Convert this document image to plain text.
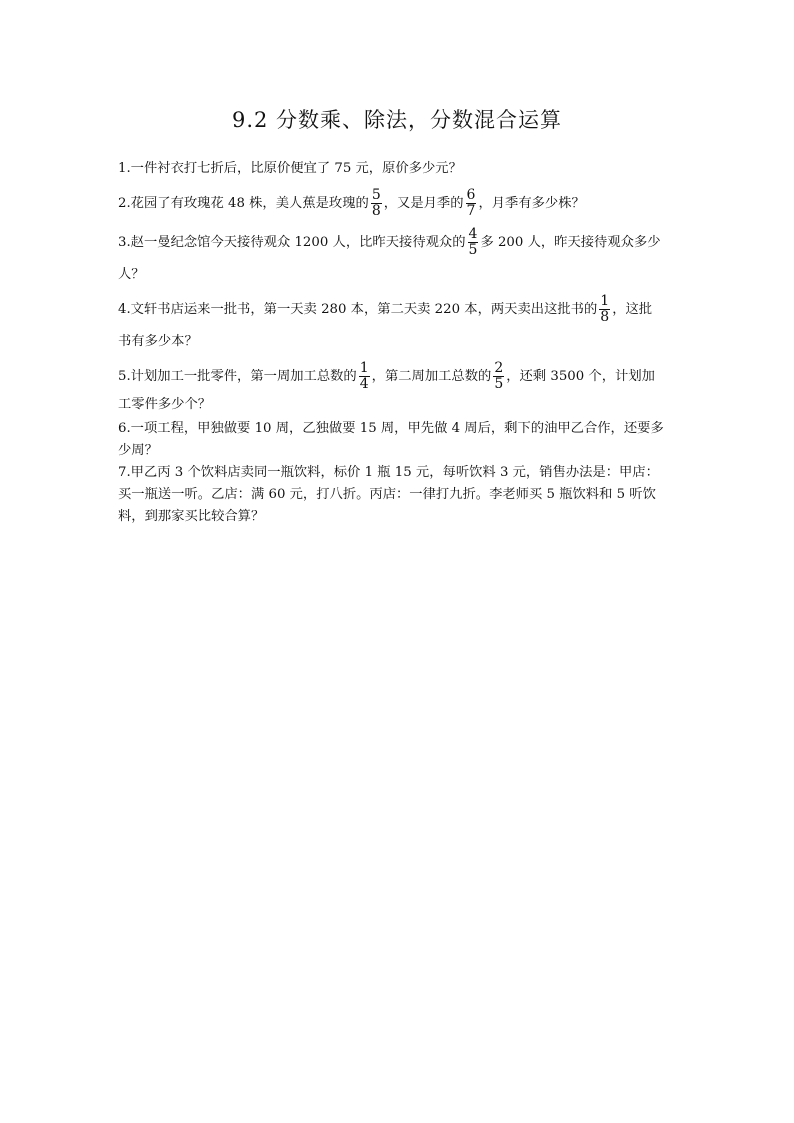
9.2 分数乘、除法，分数混合运算

1.一件衬衣打七折后，比原价便宜了 75 元，原价多少元？

2.花园了有玫瑰花 48 株，美人蕉是玫瑰的 $\frac{5}{8}$ ，又是月季的 $\frac{6}{7}$ ，月季有多少株？

3.赵一曼纪念馆今天接待观众 1200 人，比昨天接待观众的 $\frac{4}{5}$ 多 200 人，昨天接待观众多少

人？

4.文轩书店运来一批书，第一天卖 280 本，第二天卖 220 本，两天卖出这批书的 $\frac{1}{8}$ ，这批

书有多少本？

5.计划加工一批零件，第一周加工总数的 $\frac{1}{4}$ ，第二周加工总数的 $\frac{2}{5}$ ，还剩 3500 个，计划加

工零件多少个？

6.一项工程，甲独做要 10 周，乙独做要 15 周，甲先做 4 周后，剩下的油甲乙合作，还要多

少周？

7.甲乙丙 3 个饮料店卖同一瓶饮料，标价 1 瓶 15 元，每听饮料 3 元，销售办法是：甲店：

买一瓶送一听。乙店：满 60 元，打八折。丙店：一律打九折。李老师买 5 瓶饮料和 5 听饮

料，到那家买比较合算？
